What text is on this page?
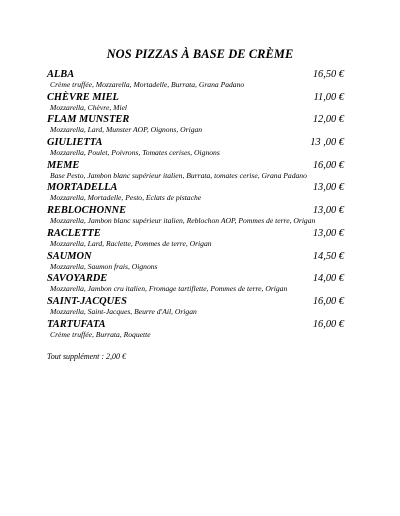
NOS PIZZAS À BASE DE CRÈME
ALBA	16,50 €
Crème truffée, Mozzarella, Mortadelle, Burrata, Grana Padano
CHÈVRE MIEL	11,00 €
Mozzarella, Chèvre, Miel
FLAM MUNSTER	12,00 €
Mozzarella, Lard, Munster AOP, Oignons, Origan
GIULIETTA	13 ,00 €
Mozzarella, Poulet, Poivrons, Tomates cerises, Oignons
MEME	16,00 €
Base Pesto, Jambon blanc supérieur italien, Burrata, tomates cerise, Grana Padano
MORTADELLA	13,00 €
Mozzarella, Mortadelle, Pesto, Eclats de pistache
REBLOCHONNE	13,00 €
Mozzarella, Jambon blanc supérieur italien, Reblochon AOP, Pommes de terre, Origan
RACLETTE	13,00 €
Mozzarella, Lard, Raclette, Pommes de terre, Origan
SAUMON	14,50 €
Mozzarella, Saumon frais, Oignons
SAVOYARDE	14,00 €
Mozzarella, Jambon cru italien, Fromage tartiflette, Pommes de terre, Origan
SAINT-JACQUES	16,00 €
Mozzarella, Saint-Jacques, Beurre d'Ail, Origan
TARTUFATA	16,00 €
Crème truffée, Burrata, Roquette
Tout supplément : 2,00 €
